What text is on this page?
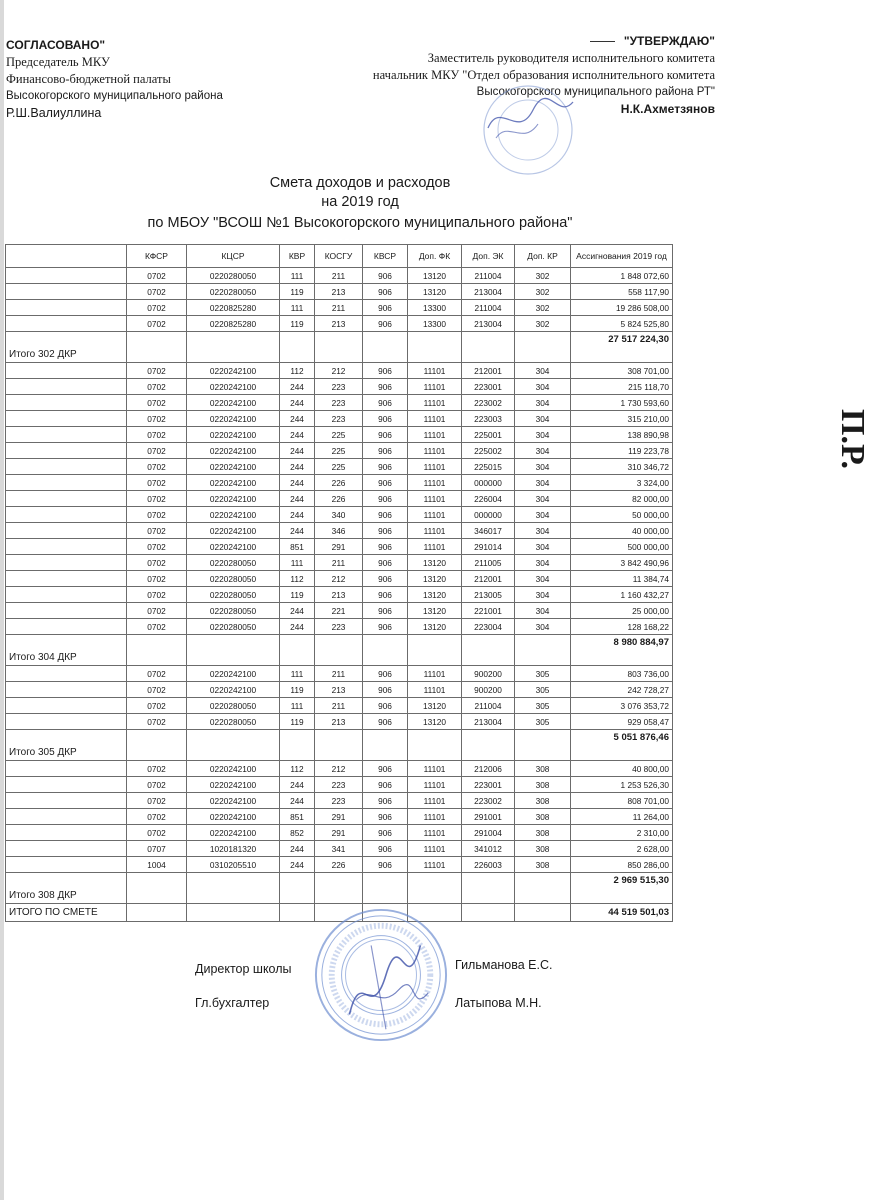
СОГЛАСОВАНО"
Председатель МКУ
Финансово-бюджетной палаты
Высокогорского муниципального района
Р.Ш.Валиуллина
"УТВЕРЖДАЮ"
Заместитель руководителя исполнительного комитета
начальник МКУ "Отдел образования исполнительного комитета
Высокогорского муниципального района РТ"
Н.К.Ахметзянов
Смета доходов и расходов
на 2019 год
по МБОУ "ВСОШ №1 Высокогорского муниципального района"
	КФСР	КЦСР	КВР	КОСГУ	КВСР	Доп. ФК	Доп. ЭК	Доп. КР	Ассигнования 2019 год
	0702	0220280050	111	211	906	13120	211004	302	1 848 072,60
	0702	0220280050	119	213	906	13120	213004	302	558 117,90
	0702	0220825280	111	211	906	13300	211004	302	19 286 508,00
	0702	0220825280	119	213	906	13300	213004	302	5 824 525,80
Итого 302 ДКР									27 517 224,30
	0702	0220242100	112	212	906	11101	212001	304	308 701,00
	0702	0220242100	244	223	906	11101	223001	304	215 118,70
	0702	0220242100	244	223	906	11101	223002	304	1 730 593,60
	0702	0220242100	244	223	906	11101	223003	304	315 210,00
	0702	0220242100	244	225	906	11101	225001	304	138 890,98
	0702	0220242100	244	225	906	11101	225002	304	119 223,78
	0702	0220242100	244	225	906	11101	225015	304	310 346,72
	0702	0220242100	244	226	906	11101	000000	304	3 324,00
	0702	0220242100	244	226	906	11101	226004	304	82 000,00
	0702	0220242100	244	340	906	11101	000000	304	50 000,00
	0702	0220242100	244	346	906	11101	346017	304	40 000,00
	0702	0220242100	851	291	906	11101	291014	304	500 000,00
	0702	0220280050	111	211	906	13120	211005	304	3 842 490,96
	0702	0220280050	112	212	906	13120	212001	304	11 384,74
	0702	0220280050	119	213	906	13120	213005	304	1 160 432,27
	0702	0220280050	244	221	906	13120	221001	304	25 000,00
	0702	0220280050	244	223	906	13120	223004	304	128 168,22
Итого 304 ДКР									8 980 884,97
	0702	0220242100	111	211	906	11101	900200	305	803 736,00
	0702	0220242100	119	213	906	11101	900200	305	242 728,27
	0702	0220280050	111	211	906	13120	211004	305	3 076 353,72
	0702	0220280050	119	213	906	13120	213004	305	929 058,47
Итого 305 ДКР									5 051 876,46
	0702	0220242100	112	212	906	11101	212006	308	40 800,00
	0702	0220242100	244	223	906	11101	223001	308	1 253 526,30
	0702	0220242100	244	223	906	11101	223002	308	808 701,00
	0702	0220242100	851	291	906	11101	291001	308	11 264,00
	0702	0220242100	852	291	906	11101	291004	308	2 310,00
	0707	1020181320	244	341	906	11101	341012	308	2 628,00
	1004	0310205510	244	226	906	11101	226003	308	850 286,00
Итого 308 ДКР									2 969 515,30
ИТОГО ПО СМЕТЕ									44 519 501,03
Директор школы	Гильманова Е.С.
Гл.бухгалтер	Латыпова М.Н.
П.Р.
